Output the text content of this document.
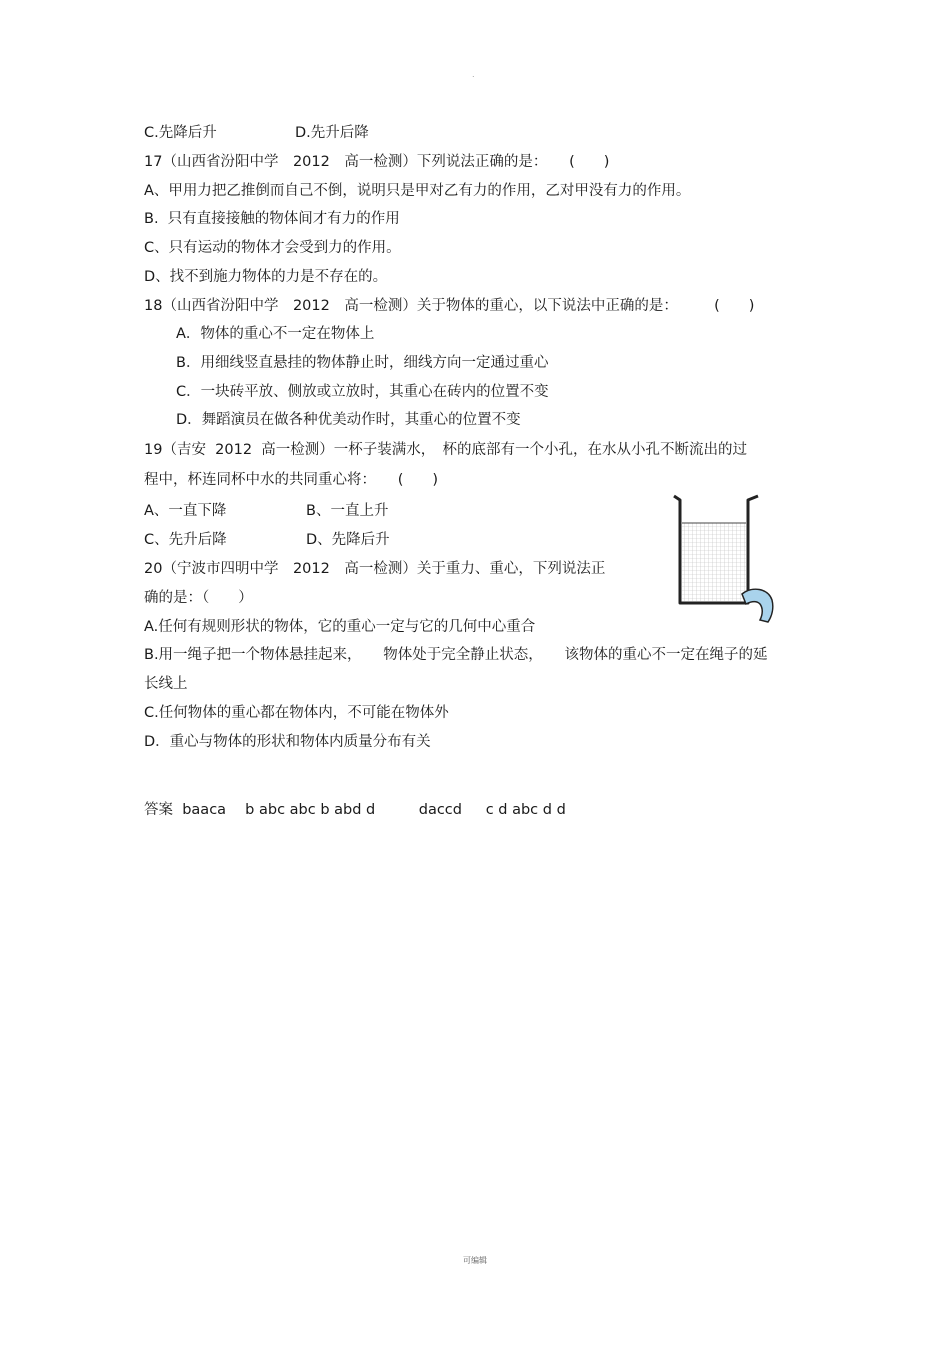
.
C.先降后升	D.先升后降
17（山西省汾阳中学　2012　高一检测）下列说法正确的是：　　(　　)
A、甲用力把乙推倒而自己不倒，说明只是甲对乙有力的作用，乙对甲没有力的作用。
B.  只有直接接触的物体间才有力的作用
C、只有运动的物体才会受到力的作用。
D、找不到施力物体的力是不存在的。
18（山西省汾阳中学　2012　高一检测）关于物体的重心，以下说法中正确的是：　　　(　　)
A．物体的重心不一定在物体上
B．用细线竖直悬挂的物体静止时，细线方向一定通过重心
C．一块砖平放、侧放或立放时，其重心在砖内的位置不变
D．舞蹈演员在做各种优美动作时，其重心的位置不变
19（吉安  2012  高一检测）一杯子装满水，　杯的底部有一个小孔，在水从小孔不断流出的过
程中，杯连同杯中水的共同重心将：　　(　　)
A、一直下降	B、一直上升
C、先升后降	D、先降后升
20（宁波市四明中学　2012　高一检测）关于重力、重心，下列说法正
确的是：（　　）
A.任何有规则形状的物体，它的重心一定与它的几何中心重合
B.用一绳子把一个物体悬挂起来，　　物体处于完全静止状态，　　该物体的重心不一定在绳子的延
长线上
C.任何物体的重心都在物体内，不可能在物体外
D．重心与物体的形状和物体内质量分布有关
答案  baaca　 b abc abc b abd d　　　daccd　  c d abc d d
可编辑
